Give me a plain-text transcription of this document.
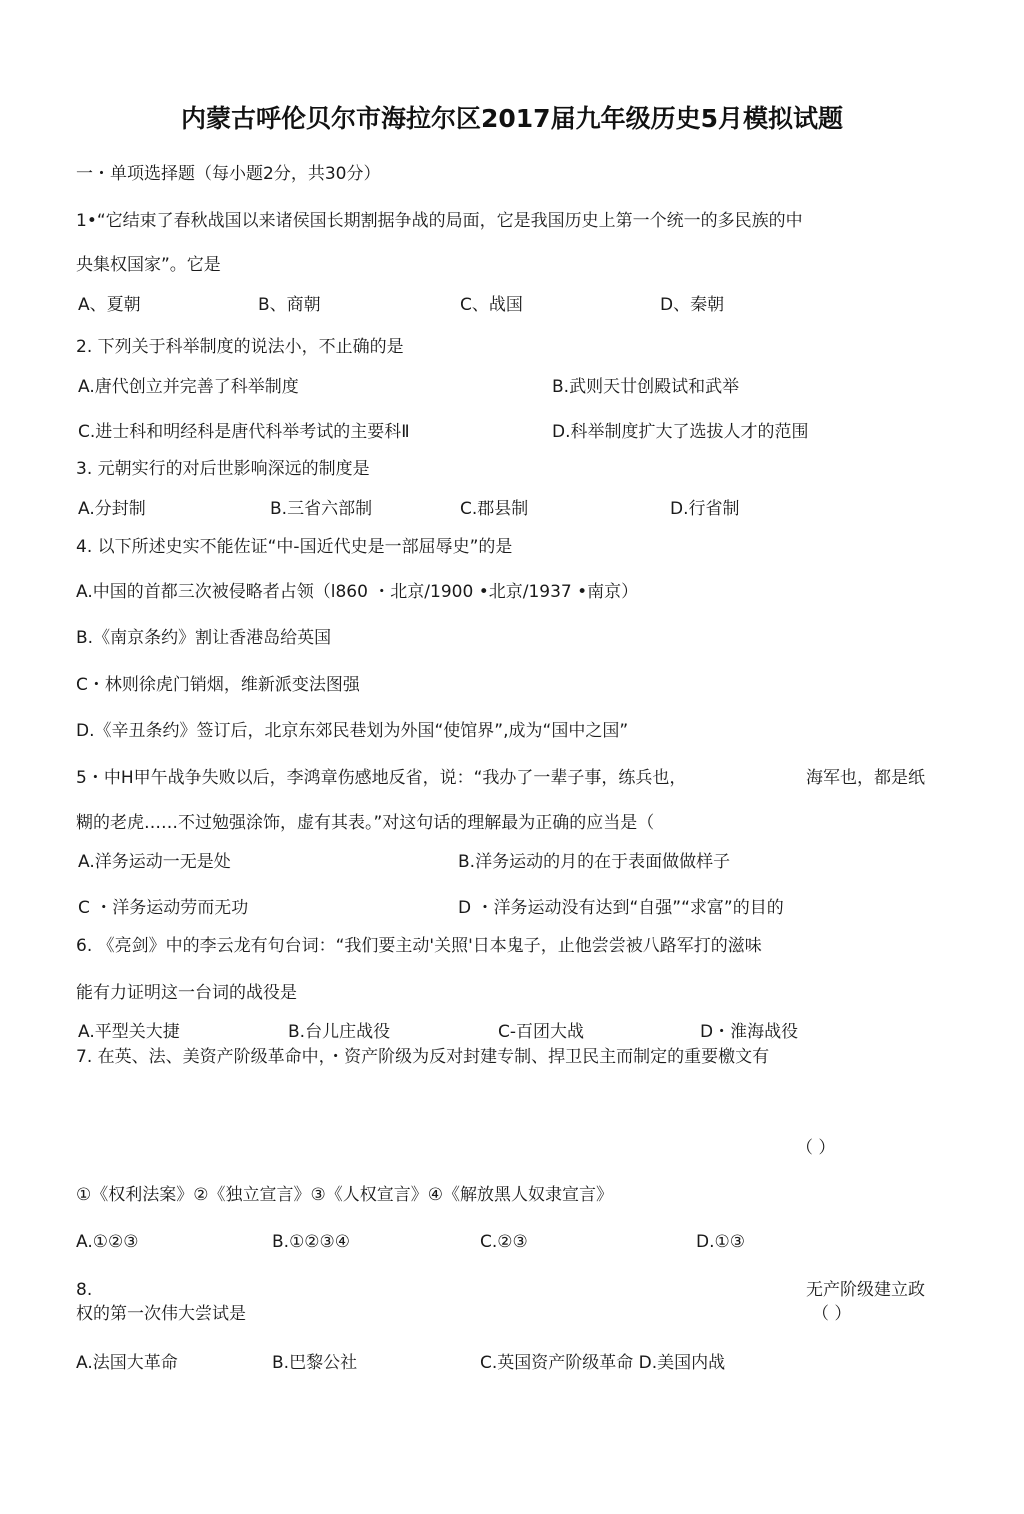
内蒙古呼伦贝尔市海拉尔区2017届九年级历史5月模拟试题
一・单项选择题（每小题2分，共30分）
1•“它结束了春秋战国以来诸侯国长期割据争战的局面，它是我国历史上第一个统一的多民族的中
央集权国家”。它是
A、夏朝	B、商朝	C、战国	D、秦朝
2. 下列关于科举制度的说法小，不止确的是
A.唐代创立并完善了科举制度	B.武则天廿创殿试和武举
C.进士科和明经科是唐代科举考试的主要科Ⅱ	D.科举制度扩大了选拔人才的范围
3. 元朝实行的对后世影响深远的制度是
A.分封制	B.三省六部制	C.郡县制	D.行省制
4. 以下所述史实不能佐证“中-国近代史是一部屈辱史”的是
A.中国的首都三次被侵略者占领（l860 ・北京/1900 •北京/1937 •南京）
B.《南京条约》割让香港岛给英国
C・林则徐虎门销烟，维新派变法图强
D.《辛丑条约》签订后，北京东郊民巷划为外国“使馆界”,成为“国中之国”
5・中H甲午战争失败以后，李鸿章伤感地反省，说：“我办了一辈子事，练兵也，	海军也，都是纸
糊的老虎……不过勉强涂饰，虚有其表。”对这句话的理解最为正确的应当是（
A.洋务运动一无是处	B.洋务运动的月的在于表面做做样子
C ・洋务运动劳而无功	D ・洋务运动没有达到“自强”“求富”的目的
6. 《亮剑》中的李云龙有句台词：“我们要主动'关照'日本鬼子，止他尝尝被八路军打的滋味
能有力证明这一台词的战役是
A.平型关大捷	B.台儿庄战役	C-百团大战	D・淮海战役
7. 在英、法、美资产阶级革命中，・资产阶级为反对封建专制、捍卫民主而制定的重要檄文有
（ ）
①《权利法案》②《独立宣言》③《人权宣言》④《解放黑人奴隶宣言》
A.①②③	B.①②③④	C.②③	D.①③
8.	无产阶级建立政
权的第一次伟大尝试是	（ ）
A.法国大革命	B.巴黎公社	C.英国资产阶级革命 D.美国内战
